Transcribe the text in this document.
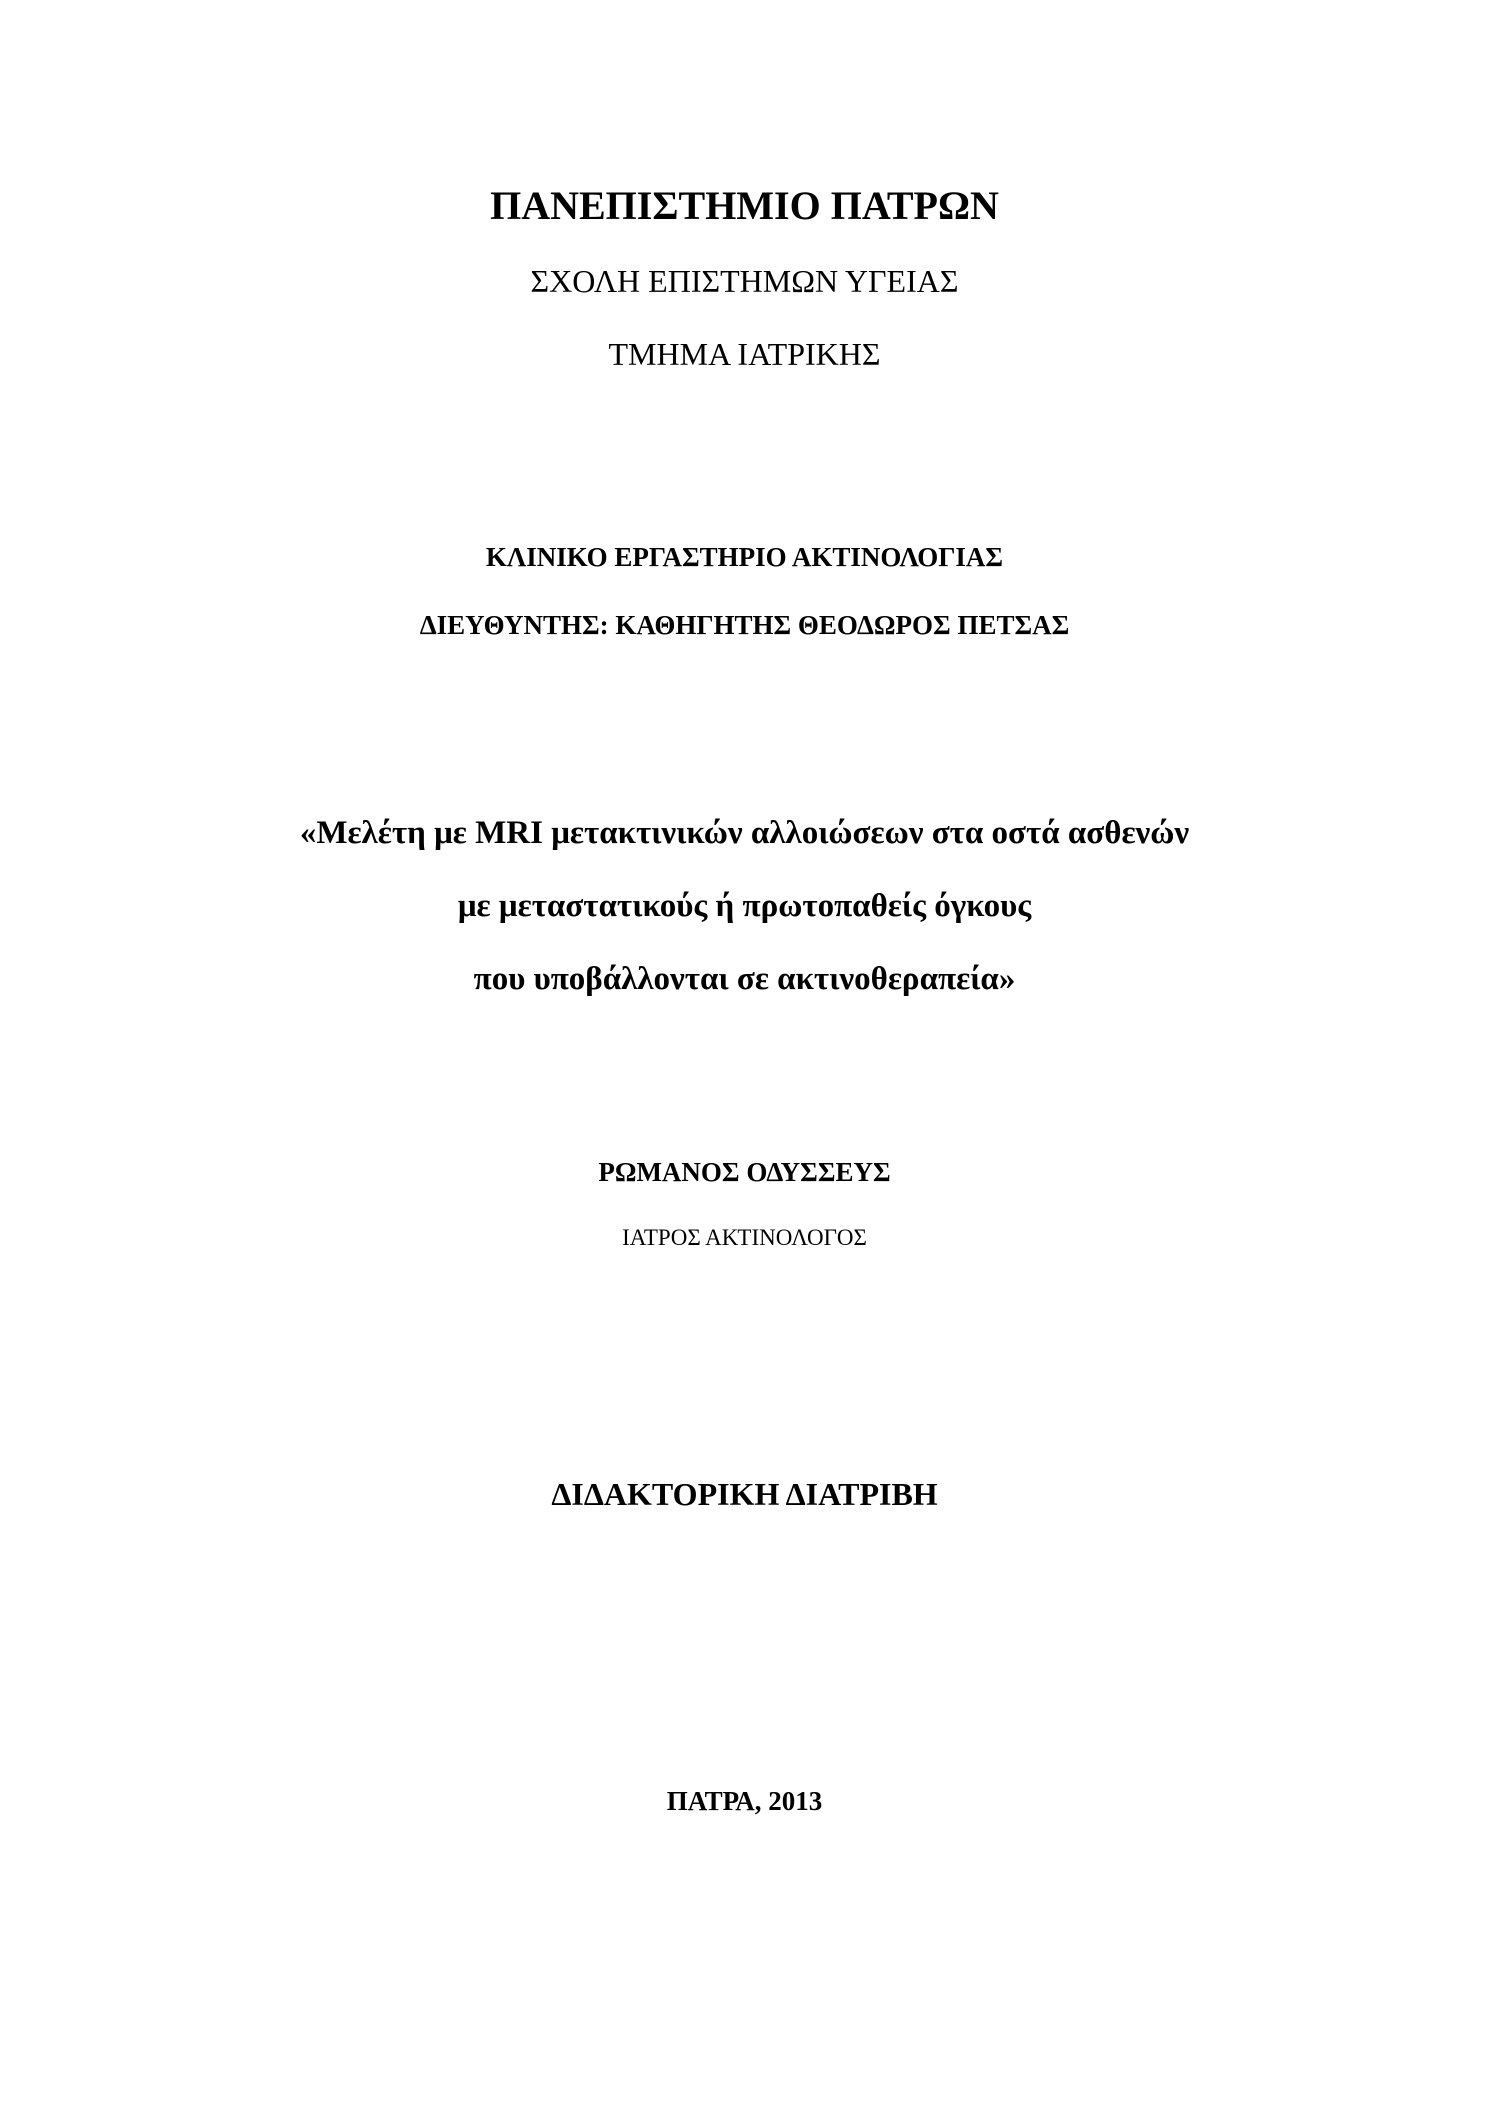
ΠΑΝΕΠΙΣΤΗΜΙΟ ΠΑΤΡΩΝ
ΣΧΟΛΗ ΕΠΙΣΤΗΜΩΝ ΥΓΕΙΑΣ
ΤΜΗΜΑ ΙΑΤΡΙΚΗΣ
ΚΛΙΝΙΚΟ ΕΡΓΑΣΤΗΡΙΟ ΑΚΤΙΝΟΛΟΓΙΑΣ
ΔΙΕΥΘΥΝΤΗΣ: ΚΑΘΗΓΗΤΗΣ ΘΕΟΔΩΡΟΣ ΠΕΤΣΑΣ
«Μελέτη με MRI μετακτινικών αλλοιώσεων στα οστά ασθενών
με μεταστατικούς ή πρωτοπαθείς όγκους
που υποβάλλονται σε ακτινοθεραπεία»
ΡΩΜΑΝΟΣ ΟΔΥΣΣΕΥΣ
ΙΑΤΡΟΣ ΑΚΤΙΝΟΛΟΓΟΣ
ΔΙΔΑΚΤΟΡΙΚΗ ΔΙΑΤΡΙΒΗ
ΠΑΤΡΑ, 2013
